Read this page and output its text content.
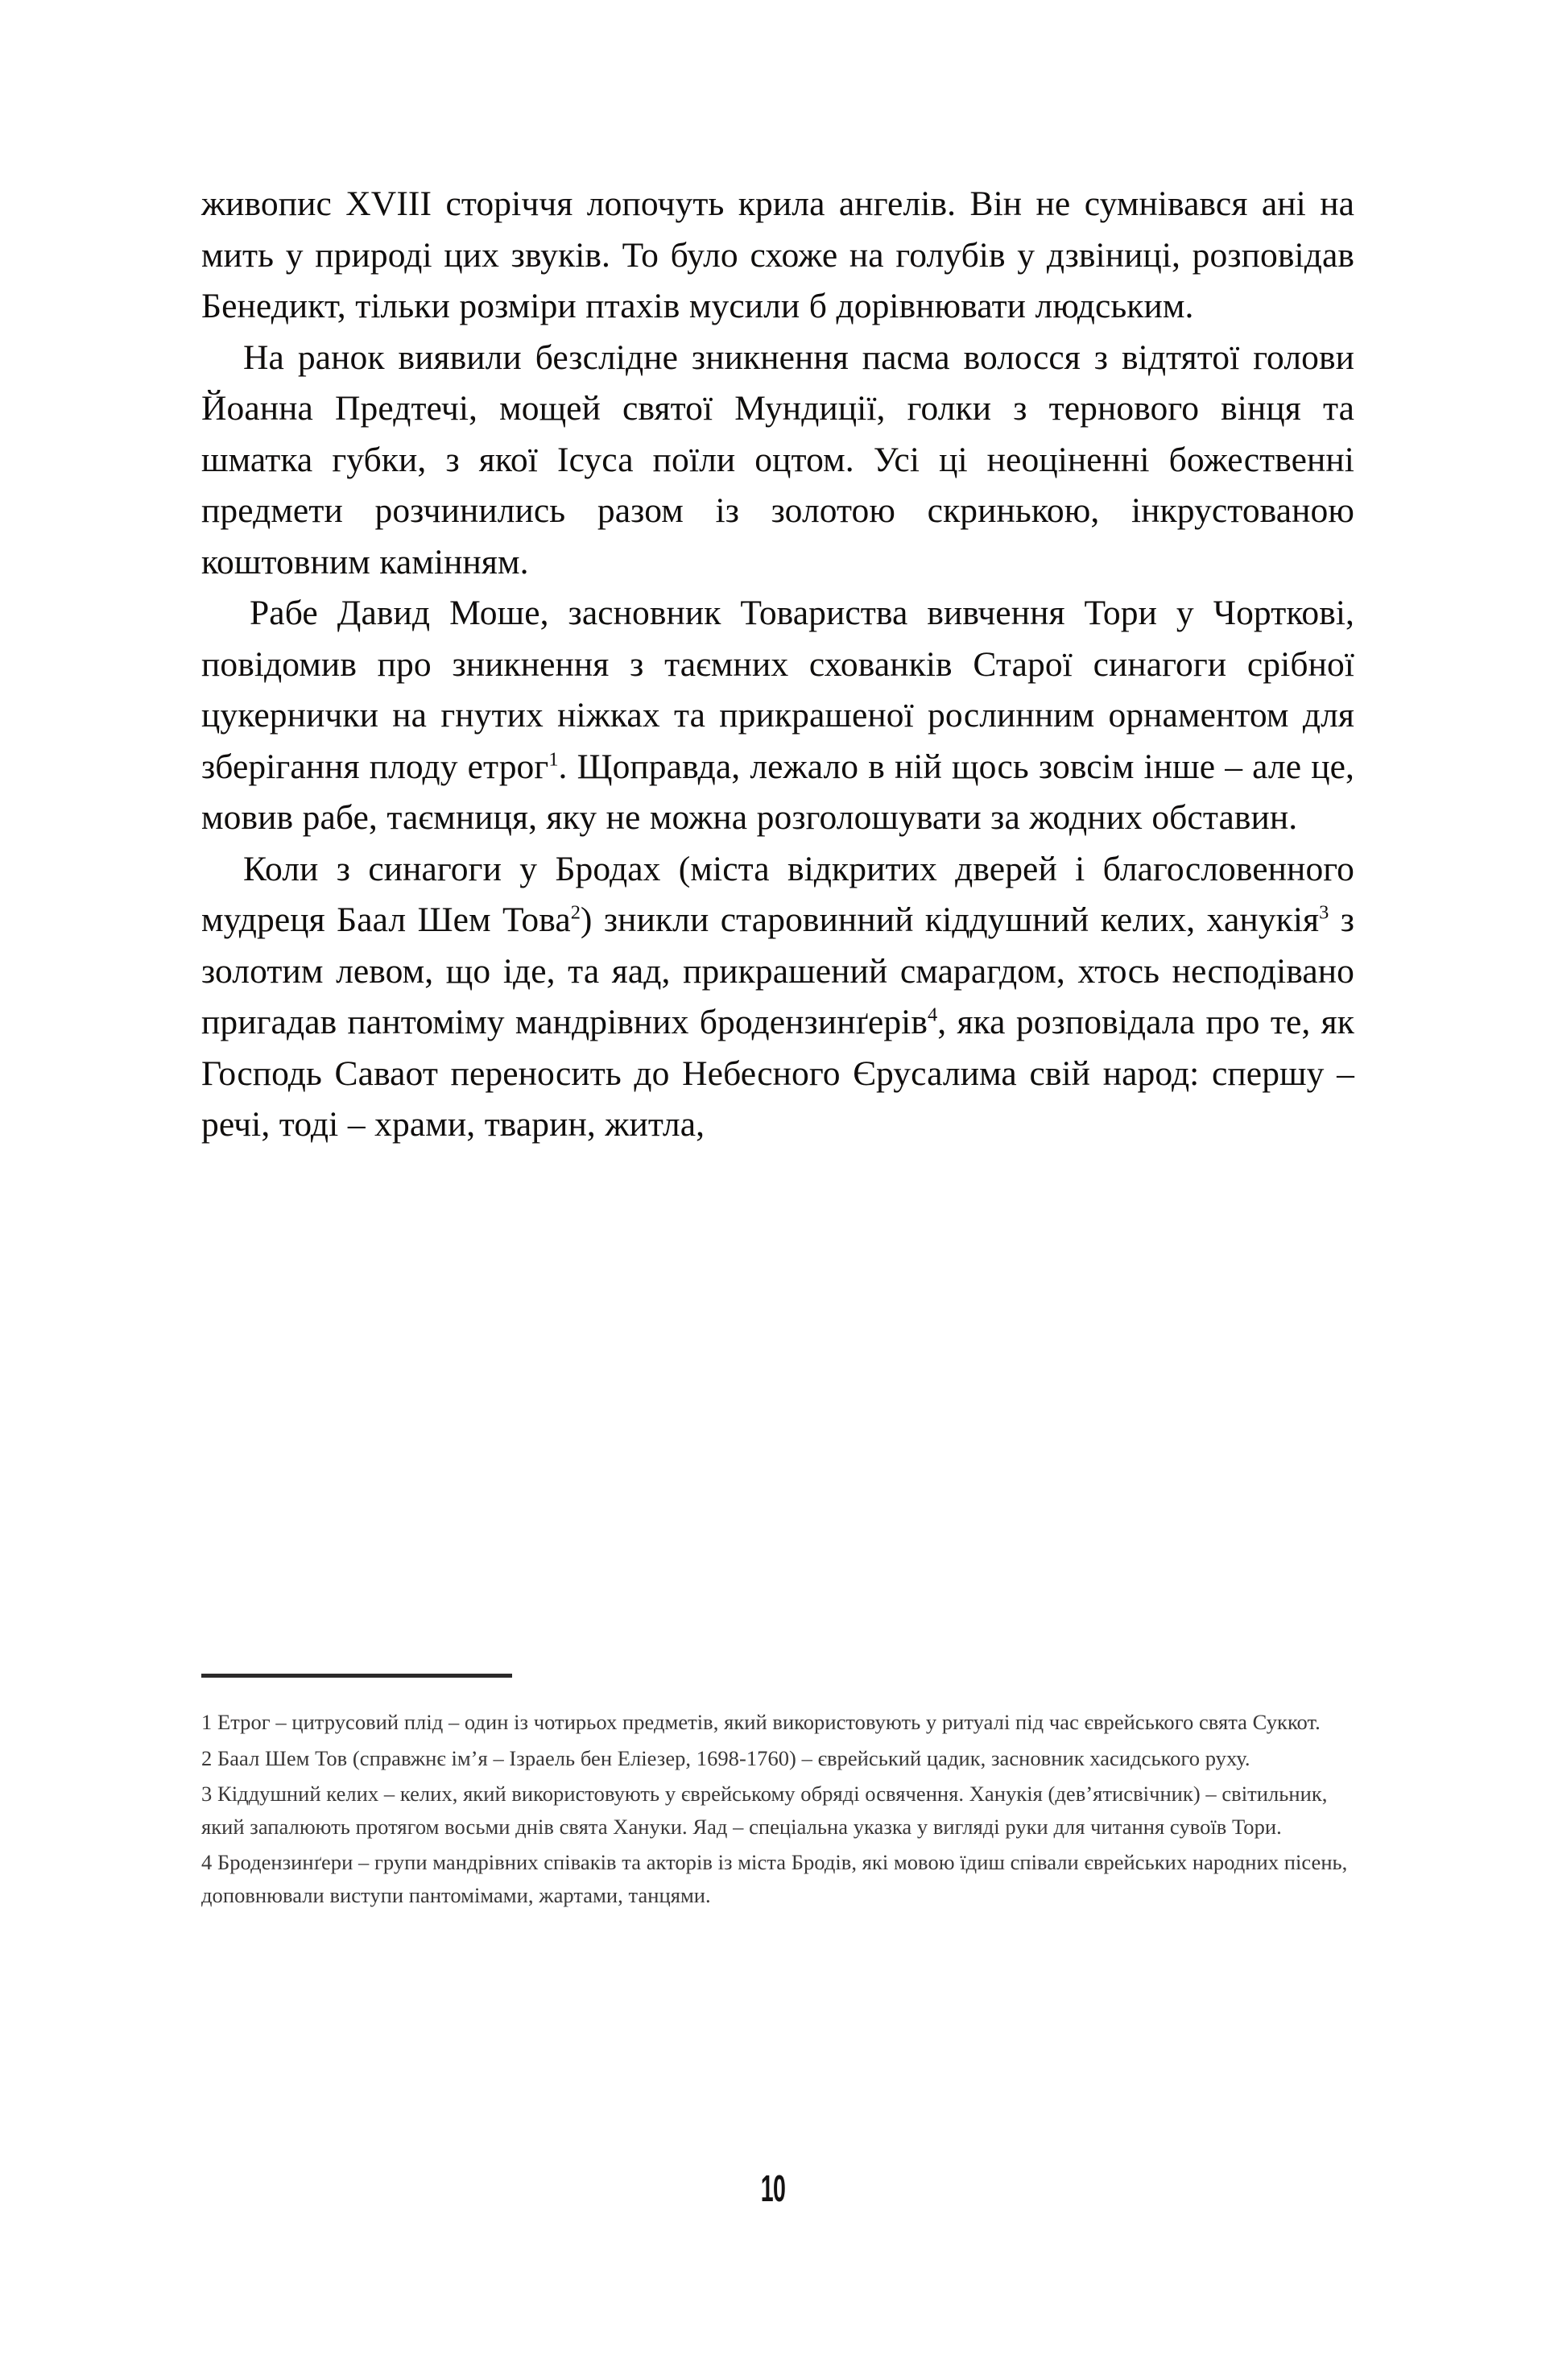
живопис XVIII сторіччя лопочуть крила ангелів. Він не сумнівався ані на мить у природі цих звуків. То було схоже на голубів у дзвіниці, розповідав Бенедикт, тільки розміри птахів мусили б дорівнювати людським.

На ранок виявили безслідне зникнення пасма волосся з відтятої голови Йоанна Предтечі, мощей святої Мундиції, голки з тернового вінця та шматка губки, з якої Ісуса поїли оцтом. Усі ці неоціненні божественні предмети розчинились разом із золотою скринькою, інкрустованою коштовним камінням.

Рабе Давид Моше, засновник Товариства вивчення Тори у Чорткові, повідомив про зникнення з таємних схованків Старої синагоги срібної цукернички на гнутих ніжках та прикрашеної рослинним орнаментом для зберігання плоду етрог$^1$. Щоправда, лежало в ній щось зовсім інше – але це, мовив рабе, таємниця, яку не можна розголошувати за жодних обставин.

Коли з синагоги у Бродах (міста відкритих дверей і благословенного мудреця Баал Шем Това$^2$) зникли старовинний кіддушний келих, ханукія$^3$ з золотим левом, що іде, та яад, прикрашений смарагдом, хтось несподівано пригадав пантоміму мандрівних бродензинґерів$^4$, яка розповідала про те, як Господь Саваот переносить до Небесного Єрусалима свій народ: спершу – речі, тоді – храми, тварин, житла,

1 Етрог – цитрусовий плід – один із чотирьох предметів, який використовують у ритуалі під час єврейського свята Суккот.

2 Баал Шем Тов (справжнє ім’я – Ізраель бен Еліезер, 1698-1760) – єврейський цадик, засновник хасидського руху.

3 Кіддушний келих – келих, який використовують у єврейському обряді освячення. Ханукія (дев’ятисвічник) – світильник, який запалюють протягом восьми днів свята Хануки. Яад – спеціальна указка у вигляді руки для читання сувоїв Тори.

4 Бродензинґери – групи мандрівних співаків та акторів із міста Бродів, які мовою їдиш співали єврейських народних пісень, доповнювали виступи пантомімами, жартами, танцями.

10
